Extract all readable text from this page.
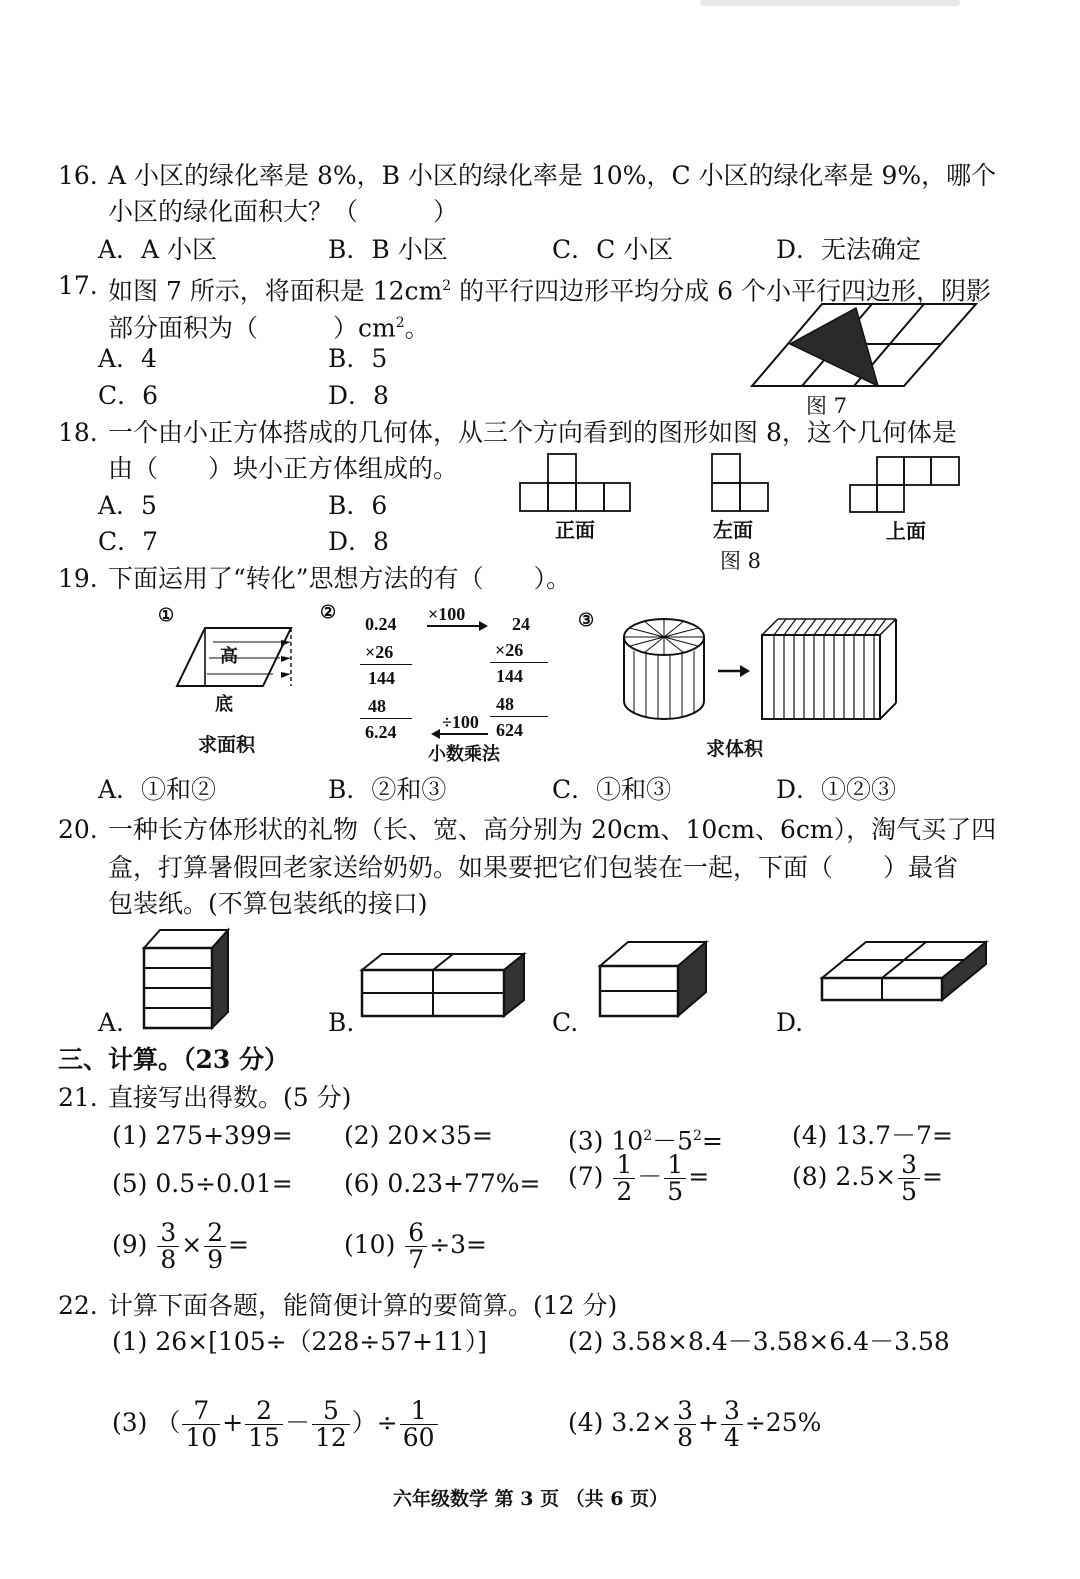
16. A 小区的绿化率是 8%，B 小区的绿化率是 10%，C 小区的绿化率是 9%，哪个
小区的绿化面积大？（　　　）
A．A 小区	B．B 小区	C．C 小区	D．无法确定
17. 如图 7 所示，将面积是 $12cm^2$ 的平行四边形平均分成 6 个小平行四边形，阴影
部分面积为（　　　）$cm^2$。
A．4	B．5
C．6	D．8	图 7
18. 一个由小正方体搭成的几何体，从三个方向看到的图形如图 8，这个几何体是
由（　　）块小正方体组成的。
A．5	B．6
C．7	D．8	正面	左面	上面
图 8
19. 下面运用了“转化”思想方法的有（　　）。
①
高
底
求面积
②
0.24
×26
144
48
6.24
×100
÷100
小数乘法
24
×26
144
48
624
③
求体积
A．①和②	B．②和③	C．①和③	D．①②③
20. 一种长方体形状的礼物（长、宽、高分别为 20cm、10cm、6cm），淘气买了四
盒，打算暑假回老家送给奶奶。如果要把它们包装在一起，下面（　　）最省
包装纸。(不算包装纸的接口)
A.	B.	C.	D.
三、计算。（23 分）
21. 直接写出得数。(5 分)
(1) 275+399= (2) 20×35=	(3) $10^2-5^2=$	(4) 13.7－7=
(5) 0.5÷0.01= (6) $0.23+77\%= (7) \frac{1}{2} - \frac{1}{5}$ =	(8) $2.5\times \frac{3}{5}$ =
$(9) \frac{3}{8} \times \frac{2}{9}$ =	$(10) \frac{6}{7} \div 3=$
22. 计算下面各题，能简便计算的要简算。(12 分)
(1) 26×[105÷（228÷57+11）]	(2) 3.58×8.4－3.58×6.4－3.58
(3) （ $\frac{7}{10} + \frac{2}{15} - \frac{5}{12}$ ）÷ $\frac{1}{60}$	(4) $3.2\times \frac{3}{8} + \frac{3}{4} \div 25\%$
六年级数学 第 3 页 （共 6 页）
